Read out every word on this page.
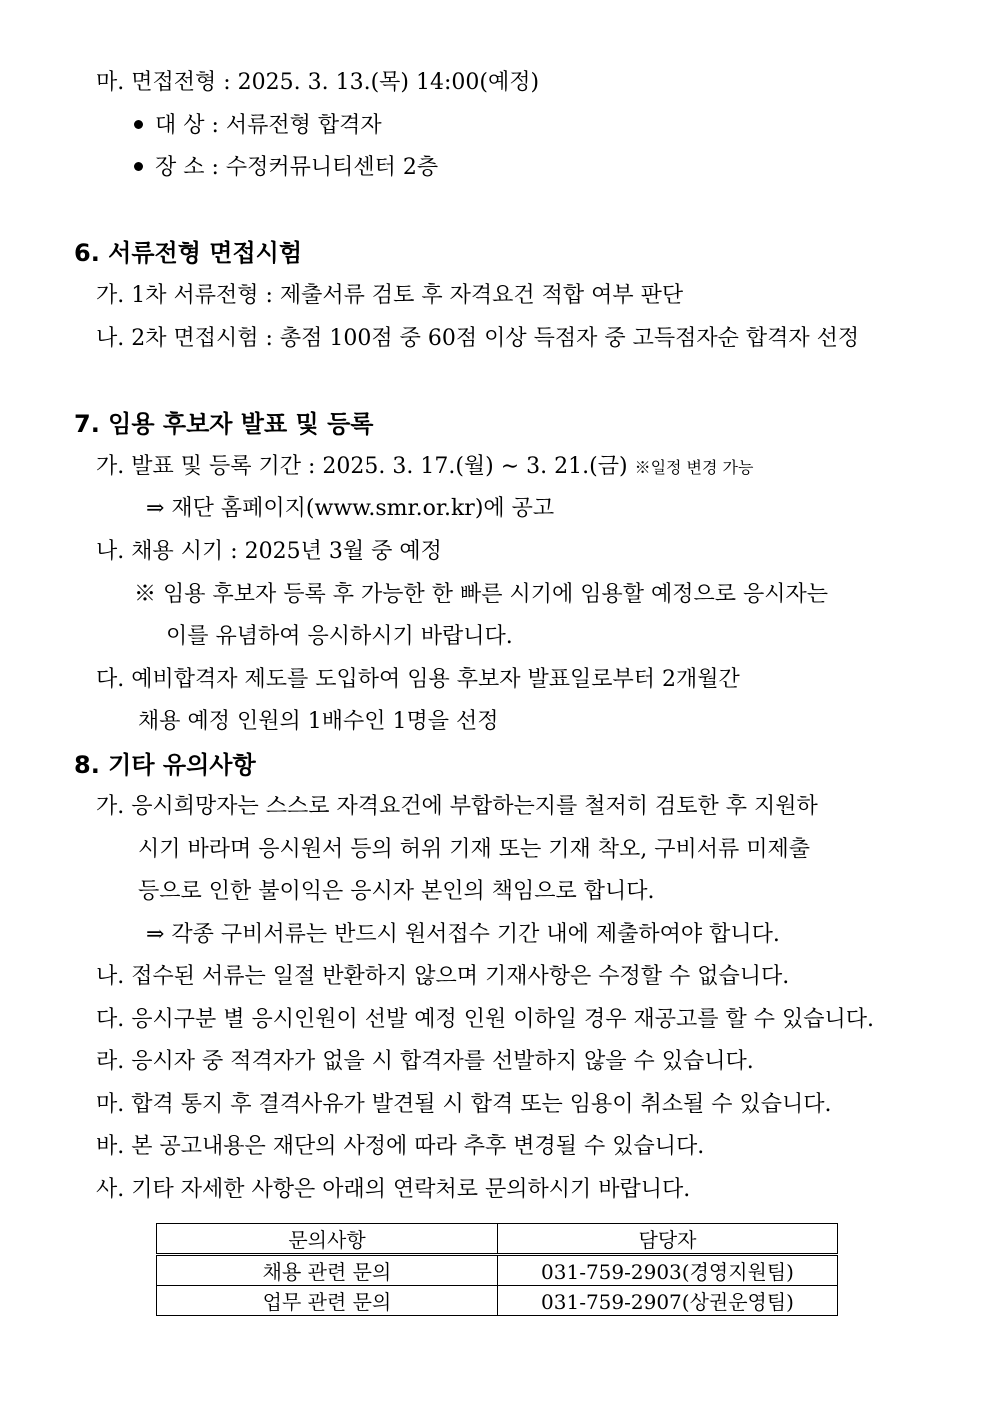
마. 면접전형 : 2025. 3. 13.(목) 14:00(예정)
대 상 : 서류전형 합격자
장 소 : 수정커뮤니티센터 2층
6. 서류전형 면접시험
가. 1차 서류전형 : 제출서류 검토 후 자격요건 적합 여부 판단
나. 2차 면접시험 : 총점 100점 중 60점 이상 득점자 중 고득점자순 합격자 선정
7. 임용 후보자 발표 및 등록
가. 발표 및 등록 기간 : 2025. 3. 17.(월) ∼ 3. 21.(금) ※일정 변경 가능
⇒ 재단 홈페이지(www.smr.or.kr)에 공고
나. 채용 시기 : 2025년 3월 중 예정
※ 임용 후보자 등록 후 가능한 한 빠른 시기에 임용할 예정으로 응시자는
이를 유념하여 응시하시기 바랍니다.
다. 예비합격자 제도를 도입하여 임용 후보자 발표일로부터 2개월간
채용 예정 인원의 1배수인 1명을 선정
8. 기타 유의사항
가. 응시희망자는 스스로 자격요건에 부합하는지를 철저히 검토한 후 지원하
시기 바라며 응시원서 등의 허위 기재 또는 기재 착오, 구비서류 미제출
등으로 인한 불이익은 응시자 본인의 책임으로 합니다.
⇒ 각종 구비서류는 반드시 원서접수 기간 내에 제출하여야 합니다.
나. 접수된 서류는 일절 반환하지 않으며 기재사항은 수정할 수 없습니다.
다. 응시구분 별 응시인원이 선발 예정 인원 이하일 경우 재공고를 할 수 있습니다.
라. 응시자 중 적격자가 없을 시 합격자를 선발하지 않을 수 있습니다.
마. 합격 통지 후 결격사유가 발견될 시 합격 또는 임용이 취소될 수 있습니다.
바. 본 공고내용은 재단의 사정에 따라 추후 변경될 수 있습니다.
사. 기타 자세한 사항은 아래의 연락처로 문의하시기 바랍니다.
문의사항	담당자
채용 관련 문의	031-759-2903(경영지원팀)
업무 관련 문의	031-759-2907(상권운영팀)
